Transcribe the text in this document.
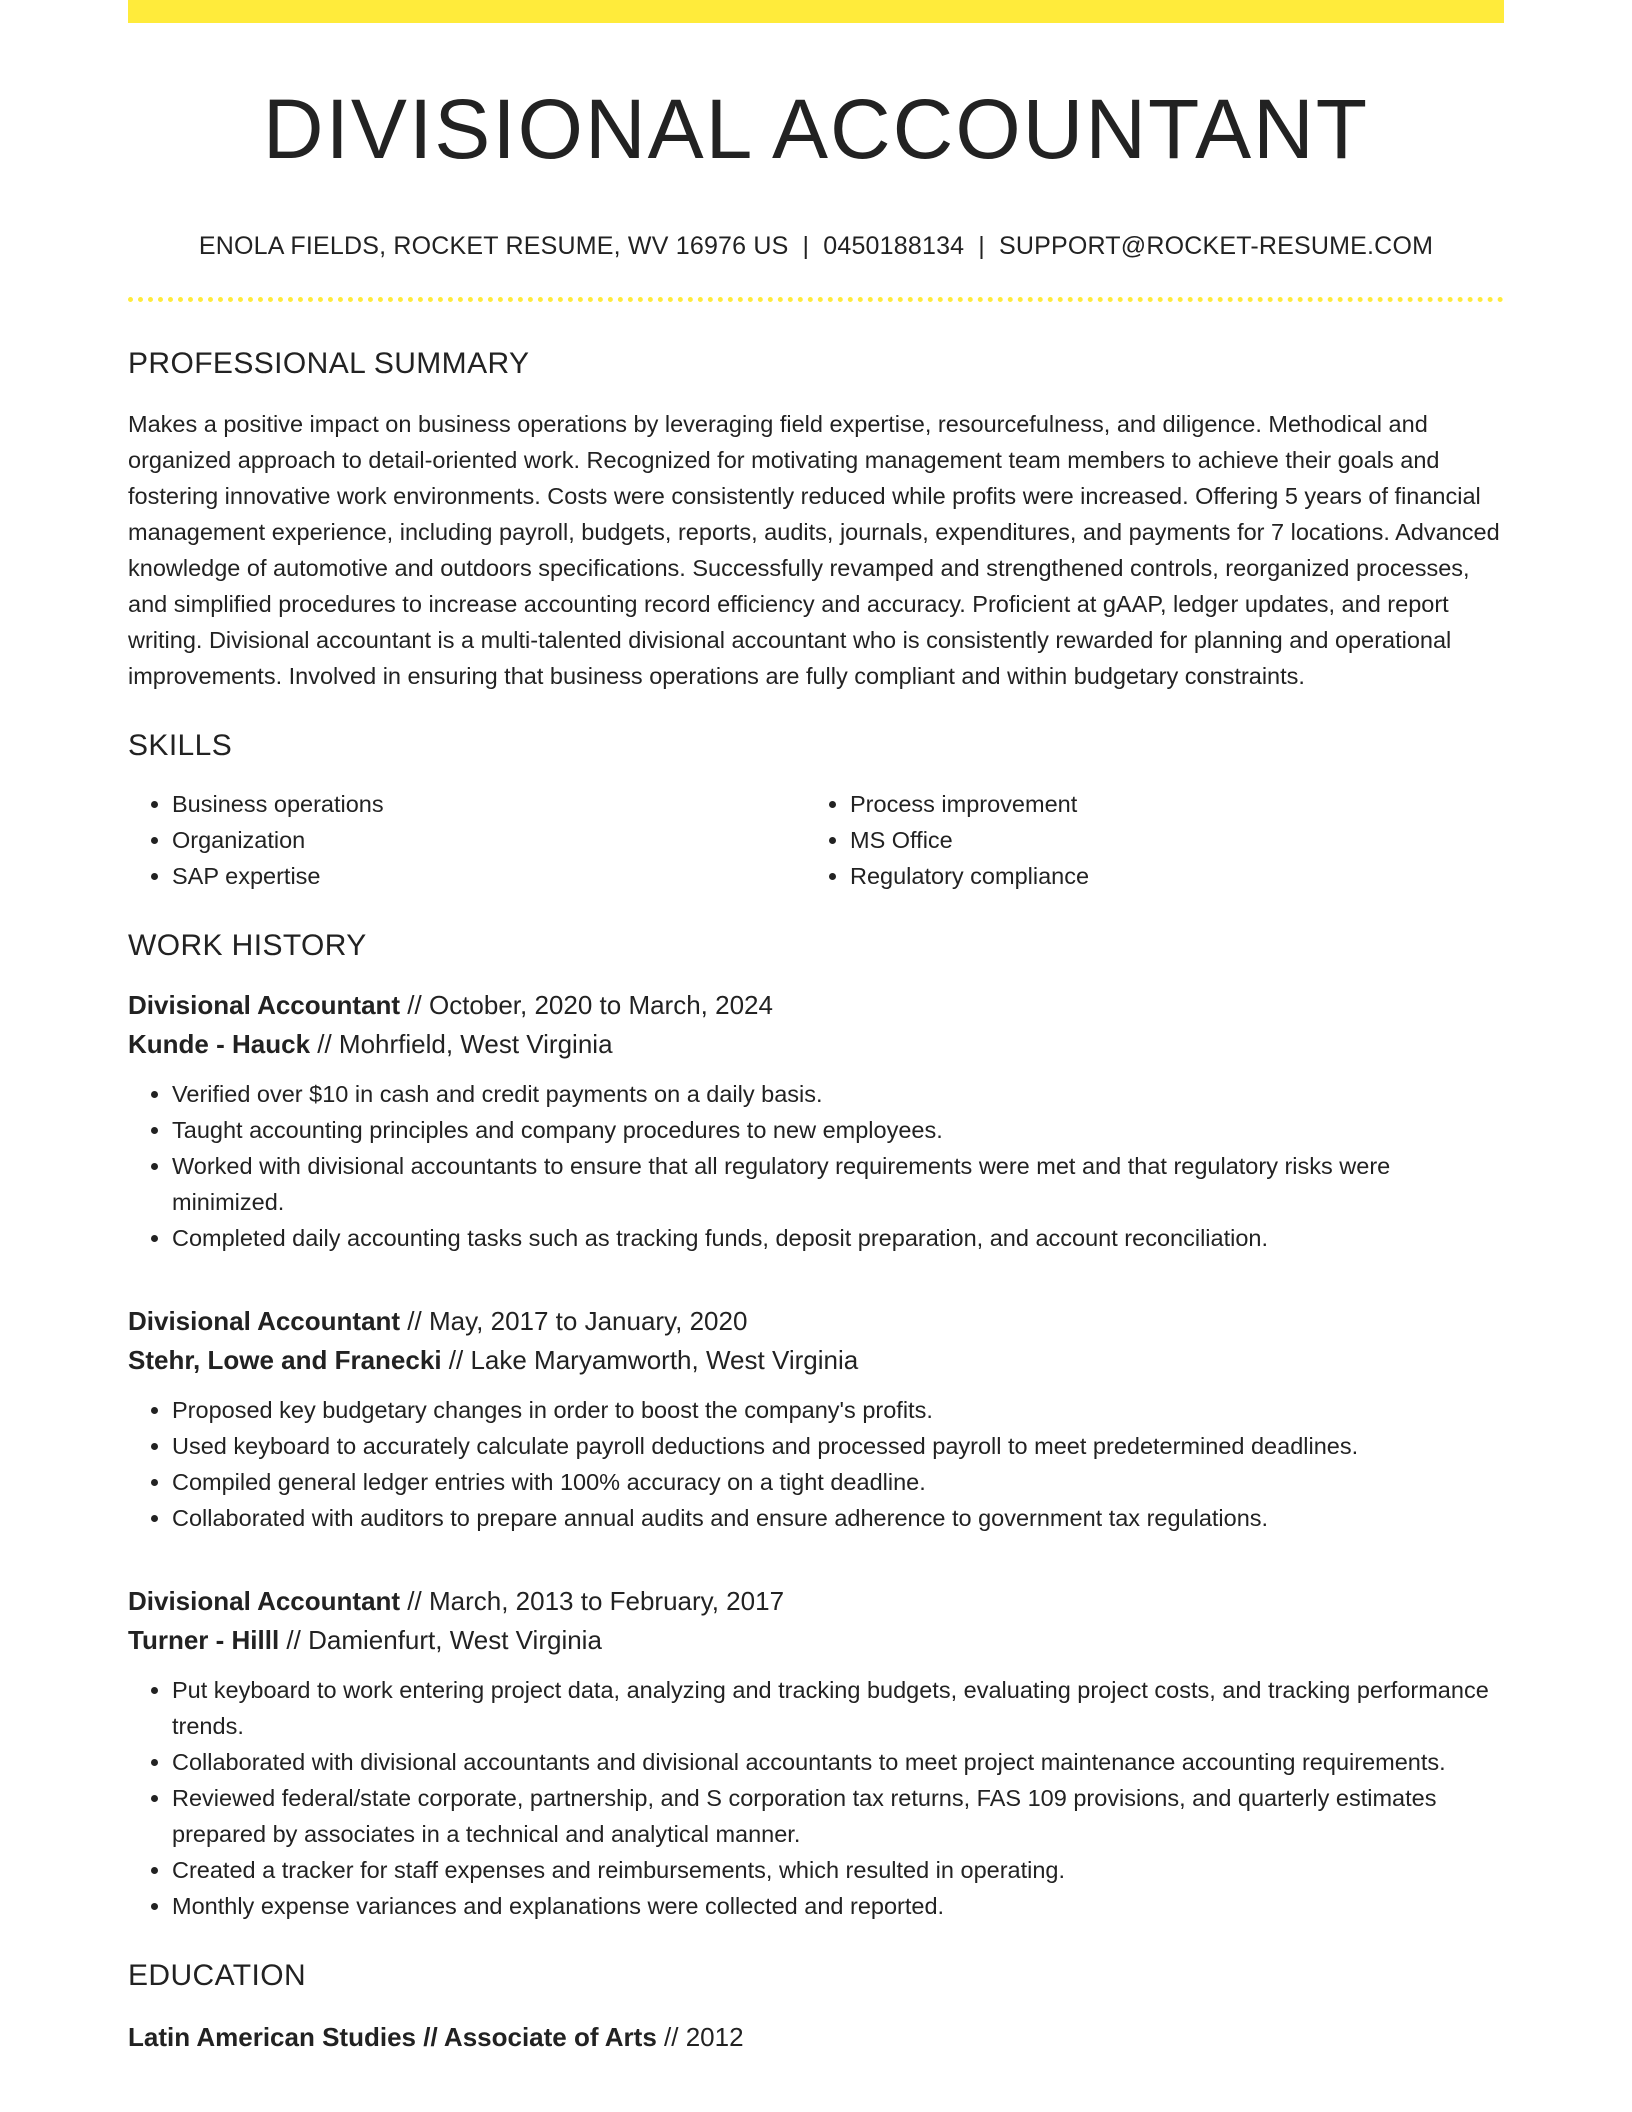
DIVISIONAL ACCOUNTANT
ENOLA FIELDS, ROCKET RESUME, WV 16976 US | 0450188134 | SUPPORT@ROCKET-RESUME.COM
PROFESSIONAL SUMMARY

Makes a positive impact on business operations by leveraging field expertise, resourcefulness, and diligence. Methodical and organized approach to detail-oriented work. Recognized for motivating management team members to achieve their goals and fostering innovative work environments. Costs were consistently reduced while profits were increased. Offering 5 years of financial management experience, including payroll, budgets, reports, audits, journals, expenditures, and payments for 7 locations. Advanced knowledge of automotive and outdoors specifications. Successfully revamped and strengthened controls, reorganized processes, and simplified procedures to increase accounting record efficiency and accuracy. Proficient at gAAP, ledger updates, and report writing. Divisional accountant is a multi-talented divisional accountant who is consistently rewarded for planning and operational improvements. Involved in ensuring that business operations are fully compliant and within budgetary constraints.

SKILLS
• Business operations
• Organization
• SAP expertise
• Process improvement
• MS Office
• Regulatory compliance
WORK HISTORY
Divisional Accountant // October, 2020 to March, 2024
Kunde - Hauck // Mohrfield, West Virginia
• Verified over $10 in cash and credit payments on a daily basis.
• Taught accounting principles and company procedures to new employees.
• Worked with divisional accountants to ensure that all regulatory requirements were met and that regulatory risks were minimized.
• Completed daily accounting tasks such as tracking funds, deposit preparation, and account reconciliation.
Divisional Accountant // May, 2017 to January, 2020
Stehr, Lowe and Franecki // Lake Maryamworth, West Virginia
• Proposed key budgetary changes in order to boost the company's profits.
• Used keyboard to accurately calculate payroll deductions and processed payroll to meet predetermined deadlines.
• Compiled general ledger entries with 100% accuracy on a tight deadline.
• Collaborated with auditors to prepare annual audits and ensure adherence to government tax regulations.
Divisional Accountant // March, 2013 to February, 2017
Turner - Hilll // Damienfurt, West Virginia
• Put keyboard to work entering project data, analyzing and tracking budgets, evaluating project costs, and tracking performance trends.
• Collaborated with divisional accountants and divisional accountants to meet project maintenance accounting requirements.
• Reviewed federal/state corporate, partnership, and S corporation tax returns, FAS 109 provisions, and quarterly estimates prepared by associates in a technical and analytical manner.
• Created a tracker for staff expenses and reimbursements, which resulted in operating.
• Monthly expense variances and explanations were collected and reported.
EDUCATION
Latin American Studies // Associate of Arts // 2012
